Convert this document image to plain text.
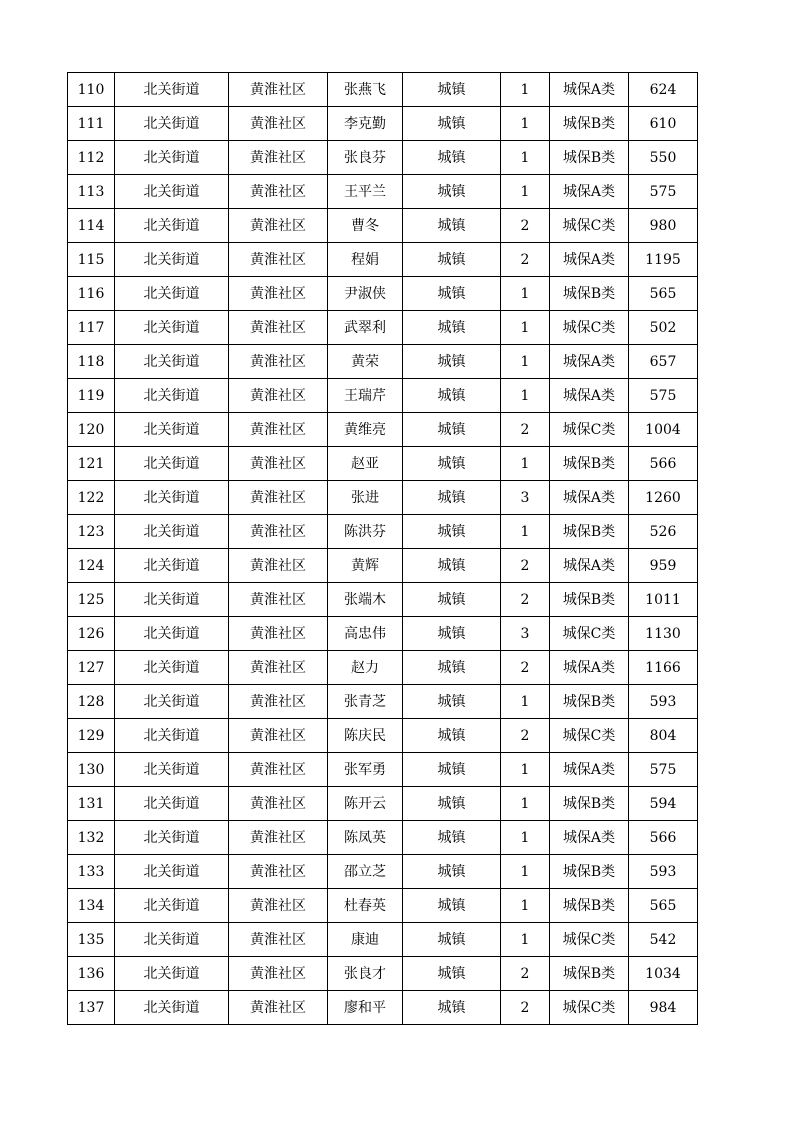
110	北关街道	黄淮社区	张燕飞	城镇	1	城保A类	624
111	北关街道	黄淮社区	李克勤	城镇	1	城保B类	610
112	北关街道	黄淮社区	张良芬	城镇	1	城保B类	550
113	北关街道	黄淮社区	王平兰	城镇	1	城保A类	575
114	北关街道	黄淮社区	曹冬	城镇	2	城保C类	980
115	北关街道	黄淮社区	程娟	城镇	2	城保A类	1195
116	北关街道	黄淮社区	尹淑侠	城镇	1	城保B类	565
117	北关街道	黄淮社区	武翠利	城镇	1	城保C类	502
118	北关街道	黄淮社区	黄荣	城镇	1	城保A类	657
119	北关街道	黄淮社区	王瑞芹	城镇	1	城保A类	575
120	北关街道	黄淮社区	黄维亮	城镇	2	城保C类	1004
121	北关街道	黄淮社区	赵亚	城镇	1	城保B类	566
122	北关街道	黄淮社区	张进	城镇	3	城保A类	1260
123	北关街道	黄淮社区	陈洪芬	城镇	1	城保B类	526
124	北关街道	黄淮社区	黄辉	城镇	2	城保A类	959
125	北关街道	黄淮社区	张端木	城镇	2	城保B类	1011
126	北关街道	黄淮社区	高忠伟	城镇	3	城保C类	1130
127	北关街道	黄淮社区	赵力	城镇	2	城保A类	1166
128	北关街道	黄淮社区	张青芝	城镇	1	城保B类	593
129	北关街道	黄淮社区	陈庆民	城镇	2	城保C类	804
130	北关街道	黄淮社区	张军勇	城镇	1	城保A类	575
131	北关街道	黄淮社区	陈开云	城镇	1	城保B类	594
132	北关街道	黄淮社区	陈凤英	城镇	1	城保A类	566
133	北关街道	黄淮社区	邵立芝	城镇	1	城保B类	593
134	北关街道	黄淮社区	杜春英	城镇	1	城保B类	565
135	北关街道	黄淮社区	康迪	城镇	1	城保C类	542
136	北关街道	黄淮社区	张良才	城镇	2	城保B类	1034
137	北关街道	黄淮社区	廖和平	城镇	2	城保C类	984
